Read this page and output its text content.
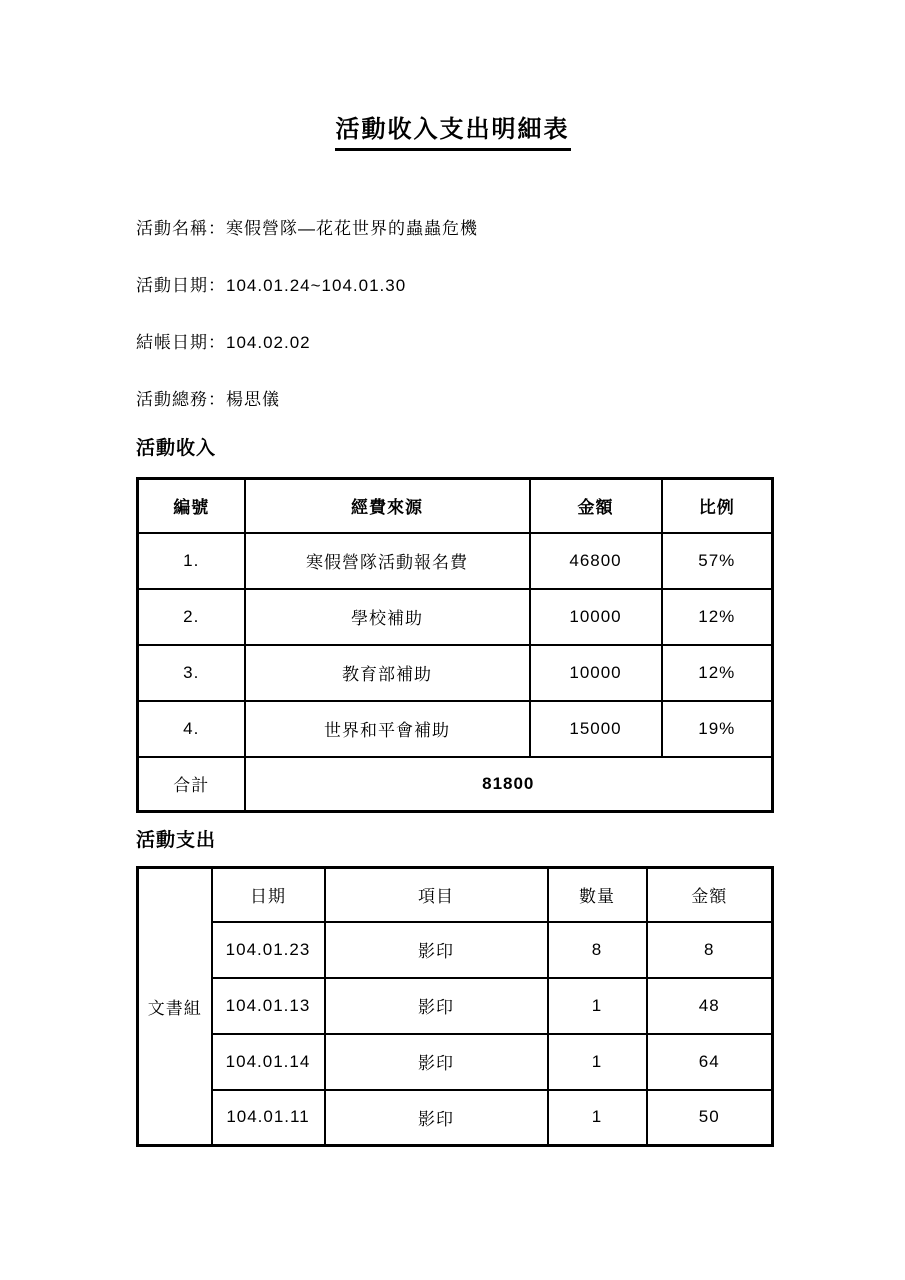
活動收入支出明細表
活動名稱：寒假營隊—花花世界的蟲蟲危機
活動日期：104.01.24~104.01.30
結帳日期：104.02.02
活動總務：楊思儀
活動收入
編號	經費來源	金額	比例
1.	寒假營隊活動報名費	46800	57%
2.	學校補助	10000	12%
3.	教育部補助	10000	12%
4.	世界和平會補助	15000	19%
合計	81800		
活動支出
文書組	日期	項目	數量	金額
	104.01.23	影印	8	8
	104.01.13	影印	1	48
	104.01.14	影印	1	64
	104.01.11	影印	1	50
